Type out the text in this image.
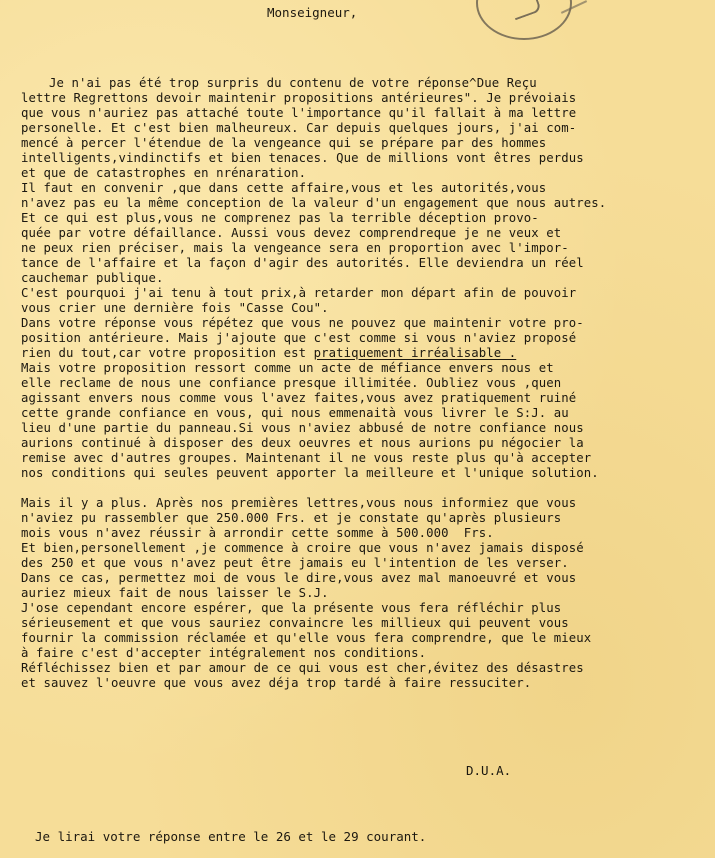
Monseigneur,
Je n'ai pas été trop surpris du contenu de votre réponse^Due Reçu
lettre Regrettons devoir maintenir propositions antérieures". Je prévoiais
que vous n'auriez pas attaché toute l'importance qu'il fallait à ma lettre
personelle. Et c'est bien malheureux. Car depuis quelques jours, j'ai com-
mencé à percer l'étendue de la vengeance qui se prépare par des hommes
intelligents,vindinctifs et bien tenaces. Que de millions vont êtres perdus
et que de catastrophes en nrénaration.
Il faut en convenir ,que dans cette affaire,vous et les autorités,vous
n'avez pas eu la même conception de la valeur d'un engagement que nous autres.
Et ce qui est plus,vous ne comprenez pas la terrible déception provo-
quée par votre défaillance. Aussi vous devez comprendreque je ne veux et
ne peux rien préciser, mais la vengeance sera en proportion avec l'impor-
tance de l'affaire et la façon d'agir des autorités. Elle deviendra un réel
cauchemar publique.
C'est pourquoi j'ai tenu à tout prix,à retarder mon départ afin de pouvoir
vous crier une dernière fois "Casse Cou".
Dans votre réponse vous répétez que vous ne pouvez que maintenir votre pro-
position antérieure. Mais j'ajoute que c'est comme si vous n'aviez proposé
rien du tout,car votre proposition est pratiquement irréalisable .
Mais votre proposition ressort comme un acte de méfiance envers nous et
elle reclame de nous une confiance presque illimitée. Oubliez vous ,quen
agissant envers nous comme vous l'avez faites,vous avez pratiquement ruiné
cette grande confiance en vous, qui nous emmenaità vous livrer le S:J. au
lieu d'une partie du panneau.Si vous n'aviez abbusé de notre confiance nous
aurions continué à disposer des deux oeuvres et nous aurions pu négocier la
remise avec d'autres groupes. Maintenant il ne vous reste plus qu'à accepter
nos conditions qui seules peuvent apporter la meilleure et l'unique solution.
Mais il y a plus. Après nos premières lettres,vous nous informiez que vous
n'aviez pu rassembler que 250.000 Frs. et je constate qu'après plusieurs
mois vous n'avez réussir à arrondir cette somme à 500.000  Frs.
Et bien,personellement ,je commence à croire que vous n'avez jamais disposé
des 250 et que vous n'avez peut être jamais eu l'intention de les verser.
Dans ce cas, permettez moi de vous le dire,vous avez mal manoeuvré et vous
auriez mieux fait de nous laisser le S.J.
J'ose cependant encore espérer, que la présente vous fera réfléchir plus
sérieusement et que vous sauriez convaincre les millieux qui peuvent vous
fournir la commission réclamée et qu'elle vous fera comprendre, que le mieux
à faire c'est d'accepter intégralement nos conditions.
Réfléchissez bien et par amour de ce qui vous est cher,évitez des désastres
et sauvez l'oeuvre que vous avez déja trop tardé à faire ressuciter.
D.U.A.
Je lirai votre réponse entre le 26 et le 29 courant.
